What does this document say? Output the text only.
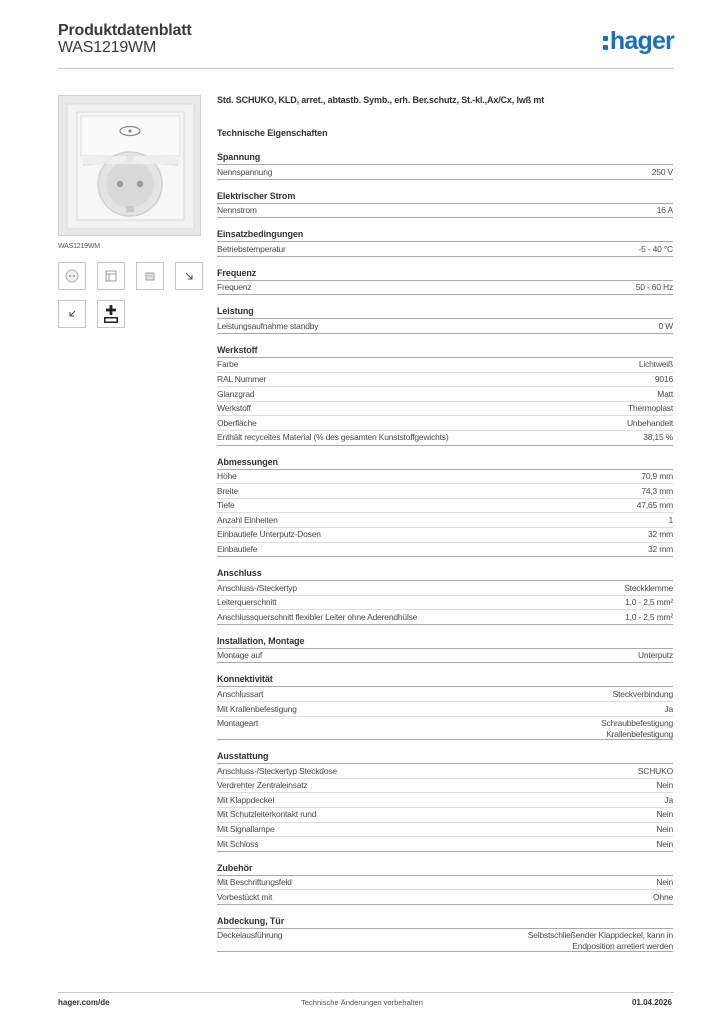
Produktdatenblatt
WAS1219WM	hager
WAS1219WM
Std. SCHUKO, KLD, arret., abtastb. Symb., erh. Ber.schutz, St.-kl.,Ax/Cx, lwß mt
Technische Eigenschaften
Spannung
Nennspannung	250 V
Elektrischer Strom
Nennstrom	16 A
Einsatzbedingungen
Betriebstemperatur	-5 - 40 °C
Frequenz
Frequenz	50 - 60 Hz
Leistung
Leistungsaufnahme standby	0 W
Werkstoff
Farbe	Lichtweiß
RAL Nummer	9016
Glanzgrad	Matt
Werkstoff	Thermoplast
Oberfläche	Unbehandelt
Enthält recyceltes Material (% des gesamten Kunststoffgewichts)	38,15 %
Abmessungen
Höhe	70,9 mm
Breite	74,3 mm
Tiefe	47,65 mm
Anzahl Einheiten	1
Einbautiefe Unterputz-Dosen	32 mm
Einbautiefe	32 mm
Anschluss
Anschluss-/Steckertyp	Steckklemme
Leiterquerschnitt	1,0 - 2,5 mm²
Anschlussquerschnitt flexibler Leiter ohne Aderendhülse	1,0 - 2,5 mm²
Installation, Montage
Montage auf	Unterputz
Konnektivität
Anschlussart	Steckverbindung
Mit Krallenbefestigung	Ja
Montageart	Schraubbefestigung
Krallenbefestigung
Ausstattung
Anschluss-/Steckertyp Steckdose	SCHUKO
Verdrehter Zentraleinsatz	Nein
Mit Klappdeckel	Ja
Mit Schutzleiterkontakt rund	Nein
Mit Signallampe	Nein
Mit Schloss	Nein
Zubehör
Mit Beschriftungsfeld	Nein
Vorbestückt mit	Ohne
Abdeckung, Tür
Deckelausführung	Selbstschließender Klappdeckel, kann in
Endposition arretiert werden
hager.com/de	Technische Änderungen vorbehalten	01.04.2026
